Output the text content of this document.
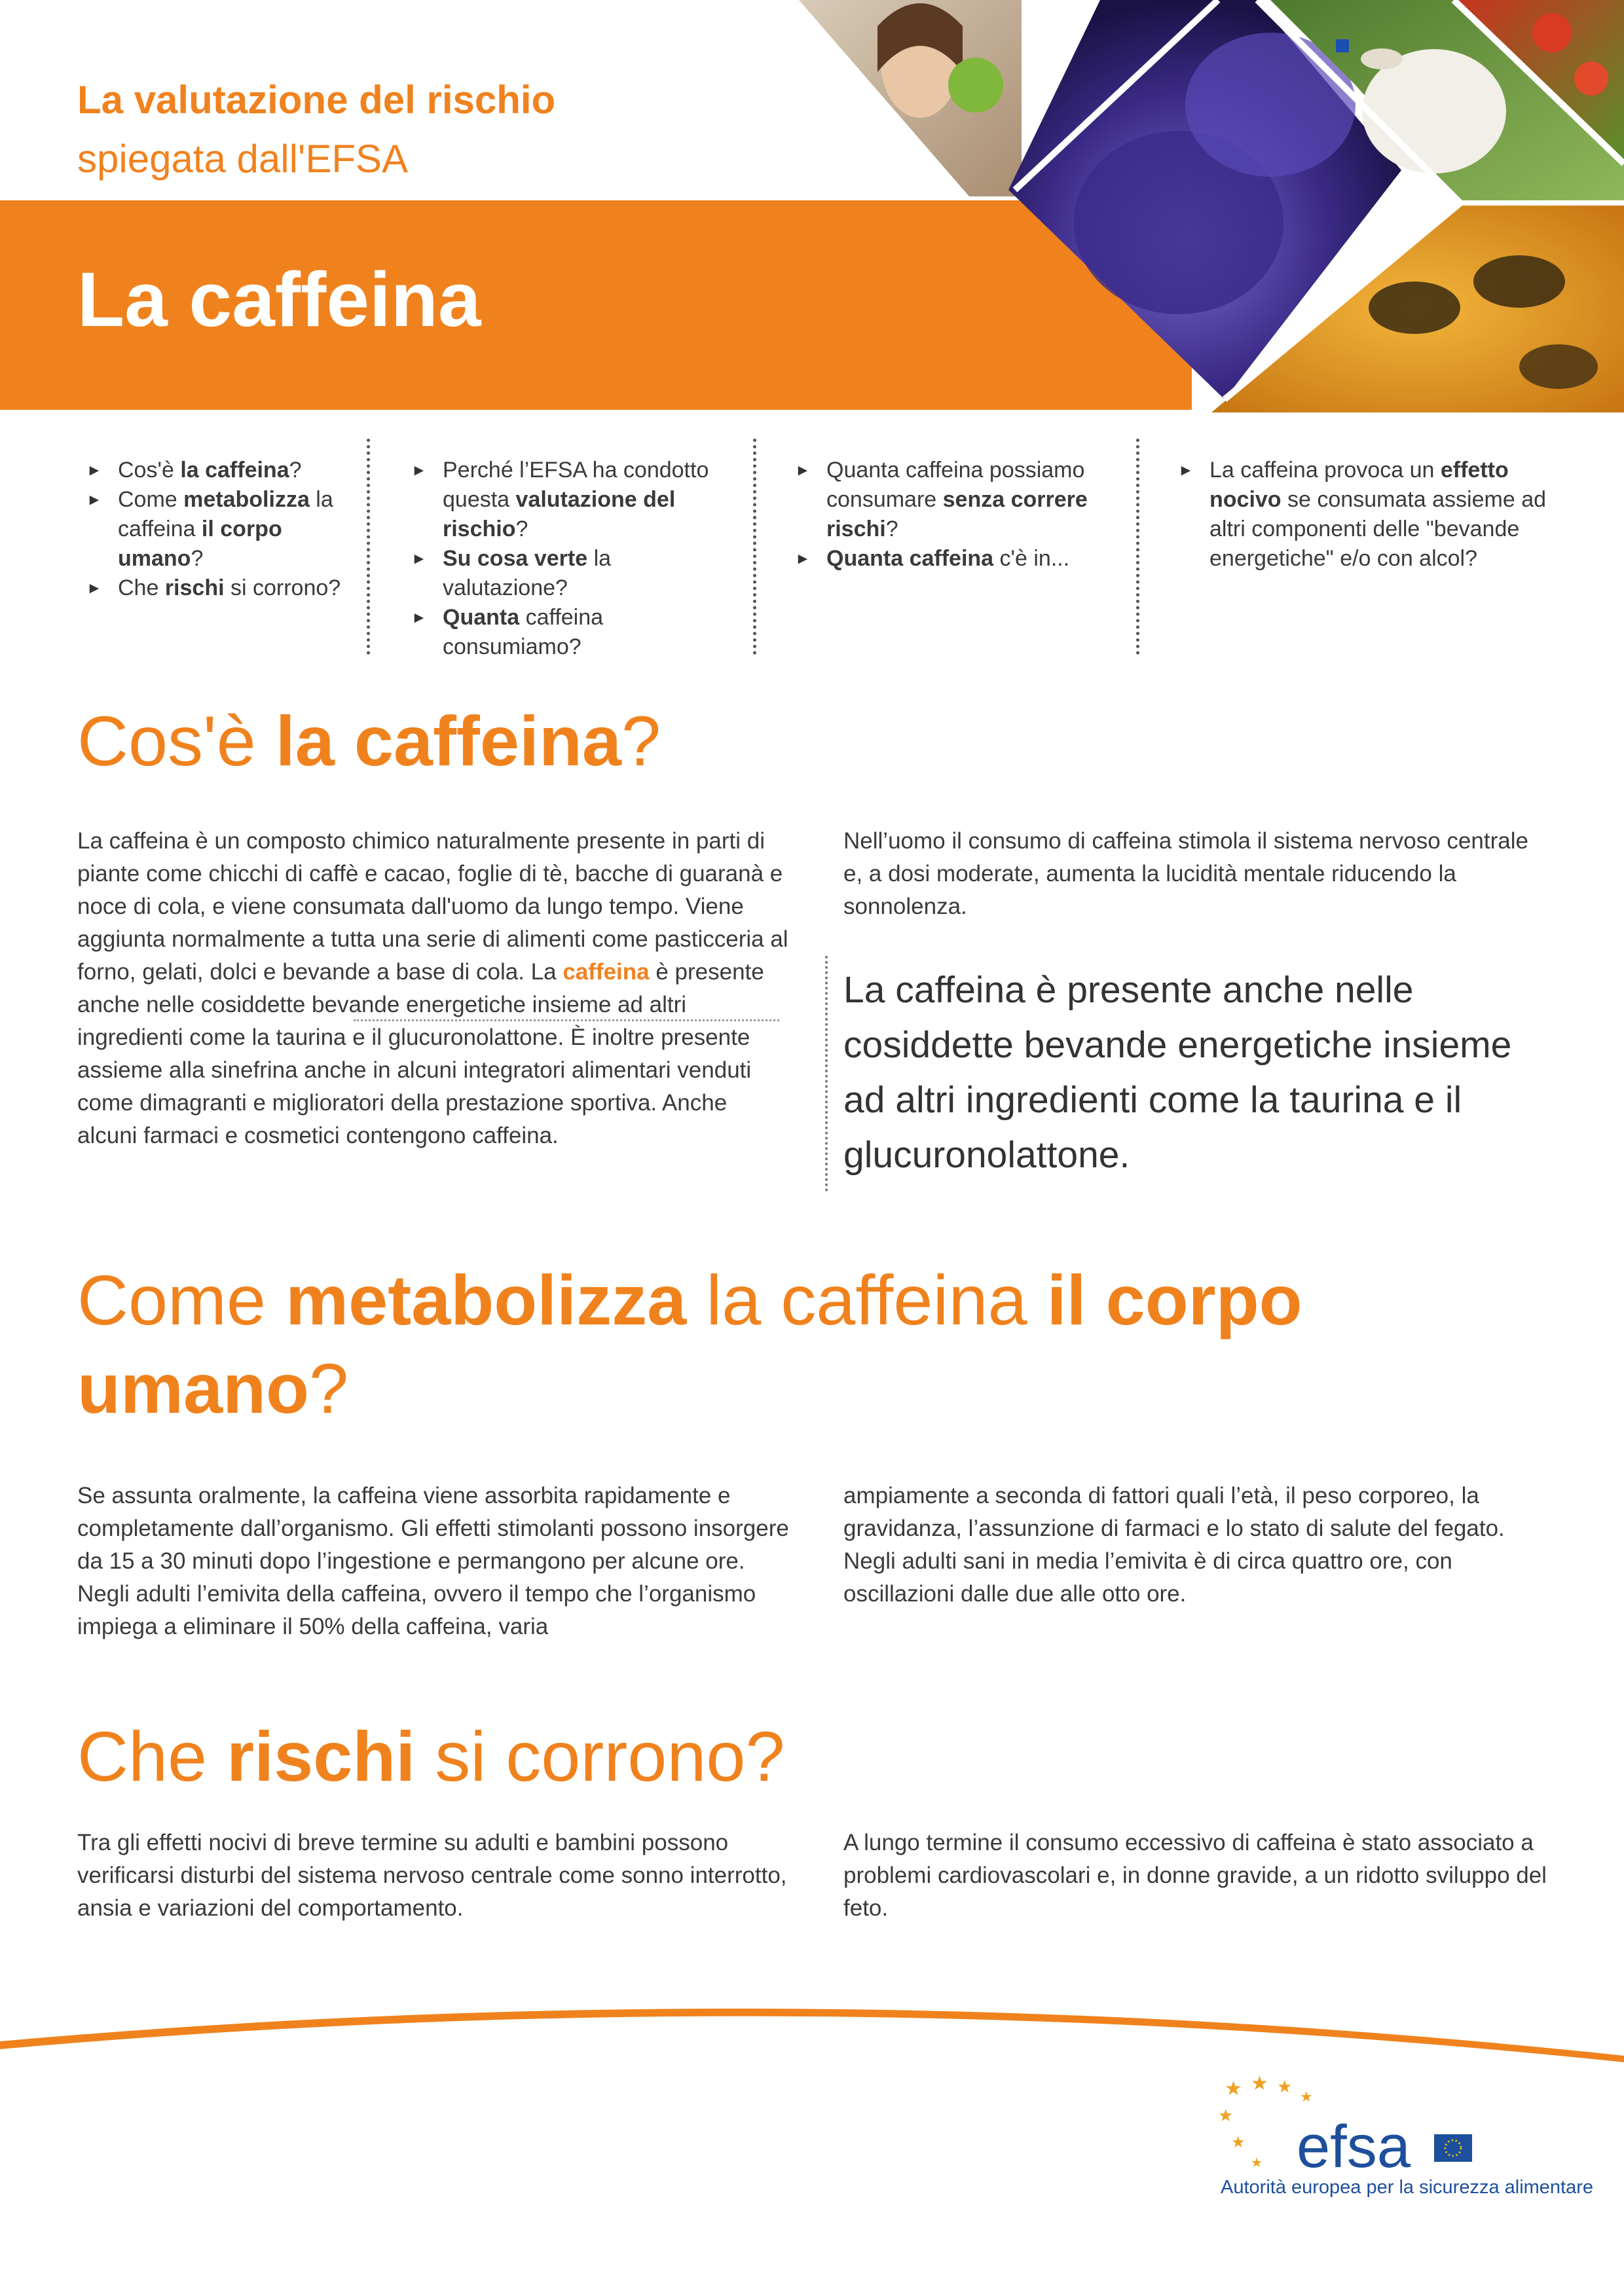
La valutazione del rischio
spiegata dall'EFSA
La caffeina
► Cos'è la caffeina?
► Come metabolizza la caffeina il corpo umano?
► Che rischi si corrono?
► Perché l’EFSA ha condotto questa valutazione del rischio?
► Su cosa verte la valutazione?
► Quanta caffeina consumiamo?
► Quanta caffeina possiamo consumare senza correre rischi?
► Quanta caffeina c'è in...
► La caffeina provoca un effetto nocivo se consumata assieme ad altri componenti delle "bevande energetiche" e/o con alcol?
Cos'è la caffeina?
La caffeina è un composto chimico naturalmente presente in parti di piante come chicchi di caffè e cacao, foglie di tè, bacche di guaranà e noce di cola, e viene consumata dall'uomo da lungo tempo. Viene aggiunta normalmente a tutta una serie di alimenti come pasticceria al forno, gelati, dolci e bevande a base di cola. La caffeina è presente anche nelle cosiddette bevande energetiche insieme ad altri ingredienti come la taurina e il glucuronolattone. È inoltre presente assieme alla sinefrina anche in alcuni integratori alimentari venduti come dimagranti e miglioratori della prestazione sportiva. Anche alcuni farmaci e cosmetici contengono caffeina.
Nell’uomo il consumo di caffeina stimola il sistema nervoso centrale e, a dosi moderate, aumenta la lucidità mentale riducendo la sonnolenza.
La caffeina è presente anche nelle cosiddette bevande energetiche insieme ad altri ingredienti come la taurina e il glucuronolattone.
Come metabolizza la caffeina il corpo umano?
Se assunta oralmente, la caffeina viene assorbita rapidamente e completamente dall’organismo. Gli effetti stimolanti possono insorgere da 15 a 30 minuti dopo l’ingestione e permangono per alcune ore. Negli adulti l’emivita della caffeina, ovvero il tempo che l’organismo impiega a eliminare il 50% della caffeina, varia
ampiamente a seconda di fattori quali l’età, il peso corporeo, la gravidanza, l’assunzione di farmaci e lo stato di salute del fegato. Negli adulti sani in media l’emivita è di circa quattro ore, con oscillazioni dalle due alle otto ore.
Che rischi si corrono?
Tra gli effetti nocivi di breve termine su adulti e bambini possono verificarsi disturbi del sistema nervoso centrale come sonno interrotto, ansia e variazioni del comportamento.
A lungo termine il consumo eccessivo di caffeina è stato associato a problemi cardiovascolari e, in donne gravide, a un ridotto sviluppo del feto.
★ ★ ★
★
★
★
★ efsa
Autorità europea per la sicurezza alimentare
